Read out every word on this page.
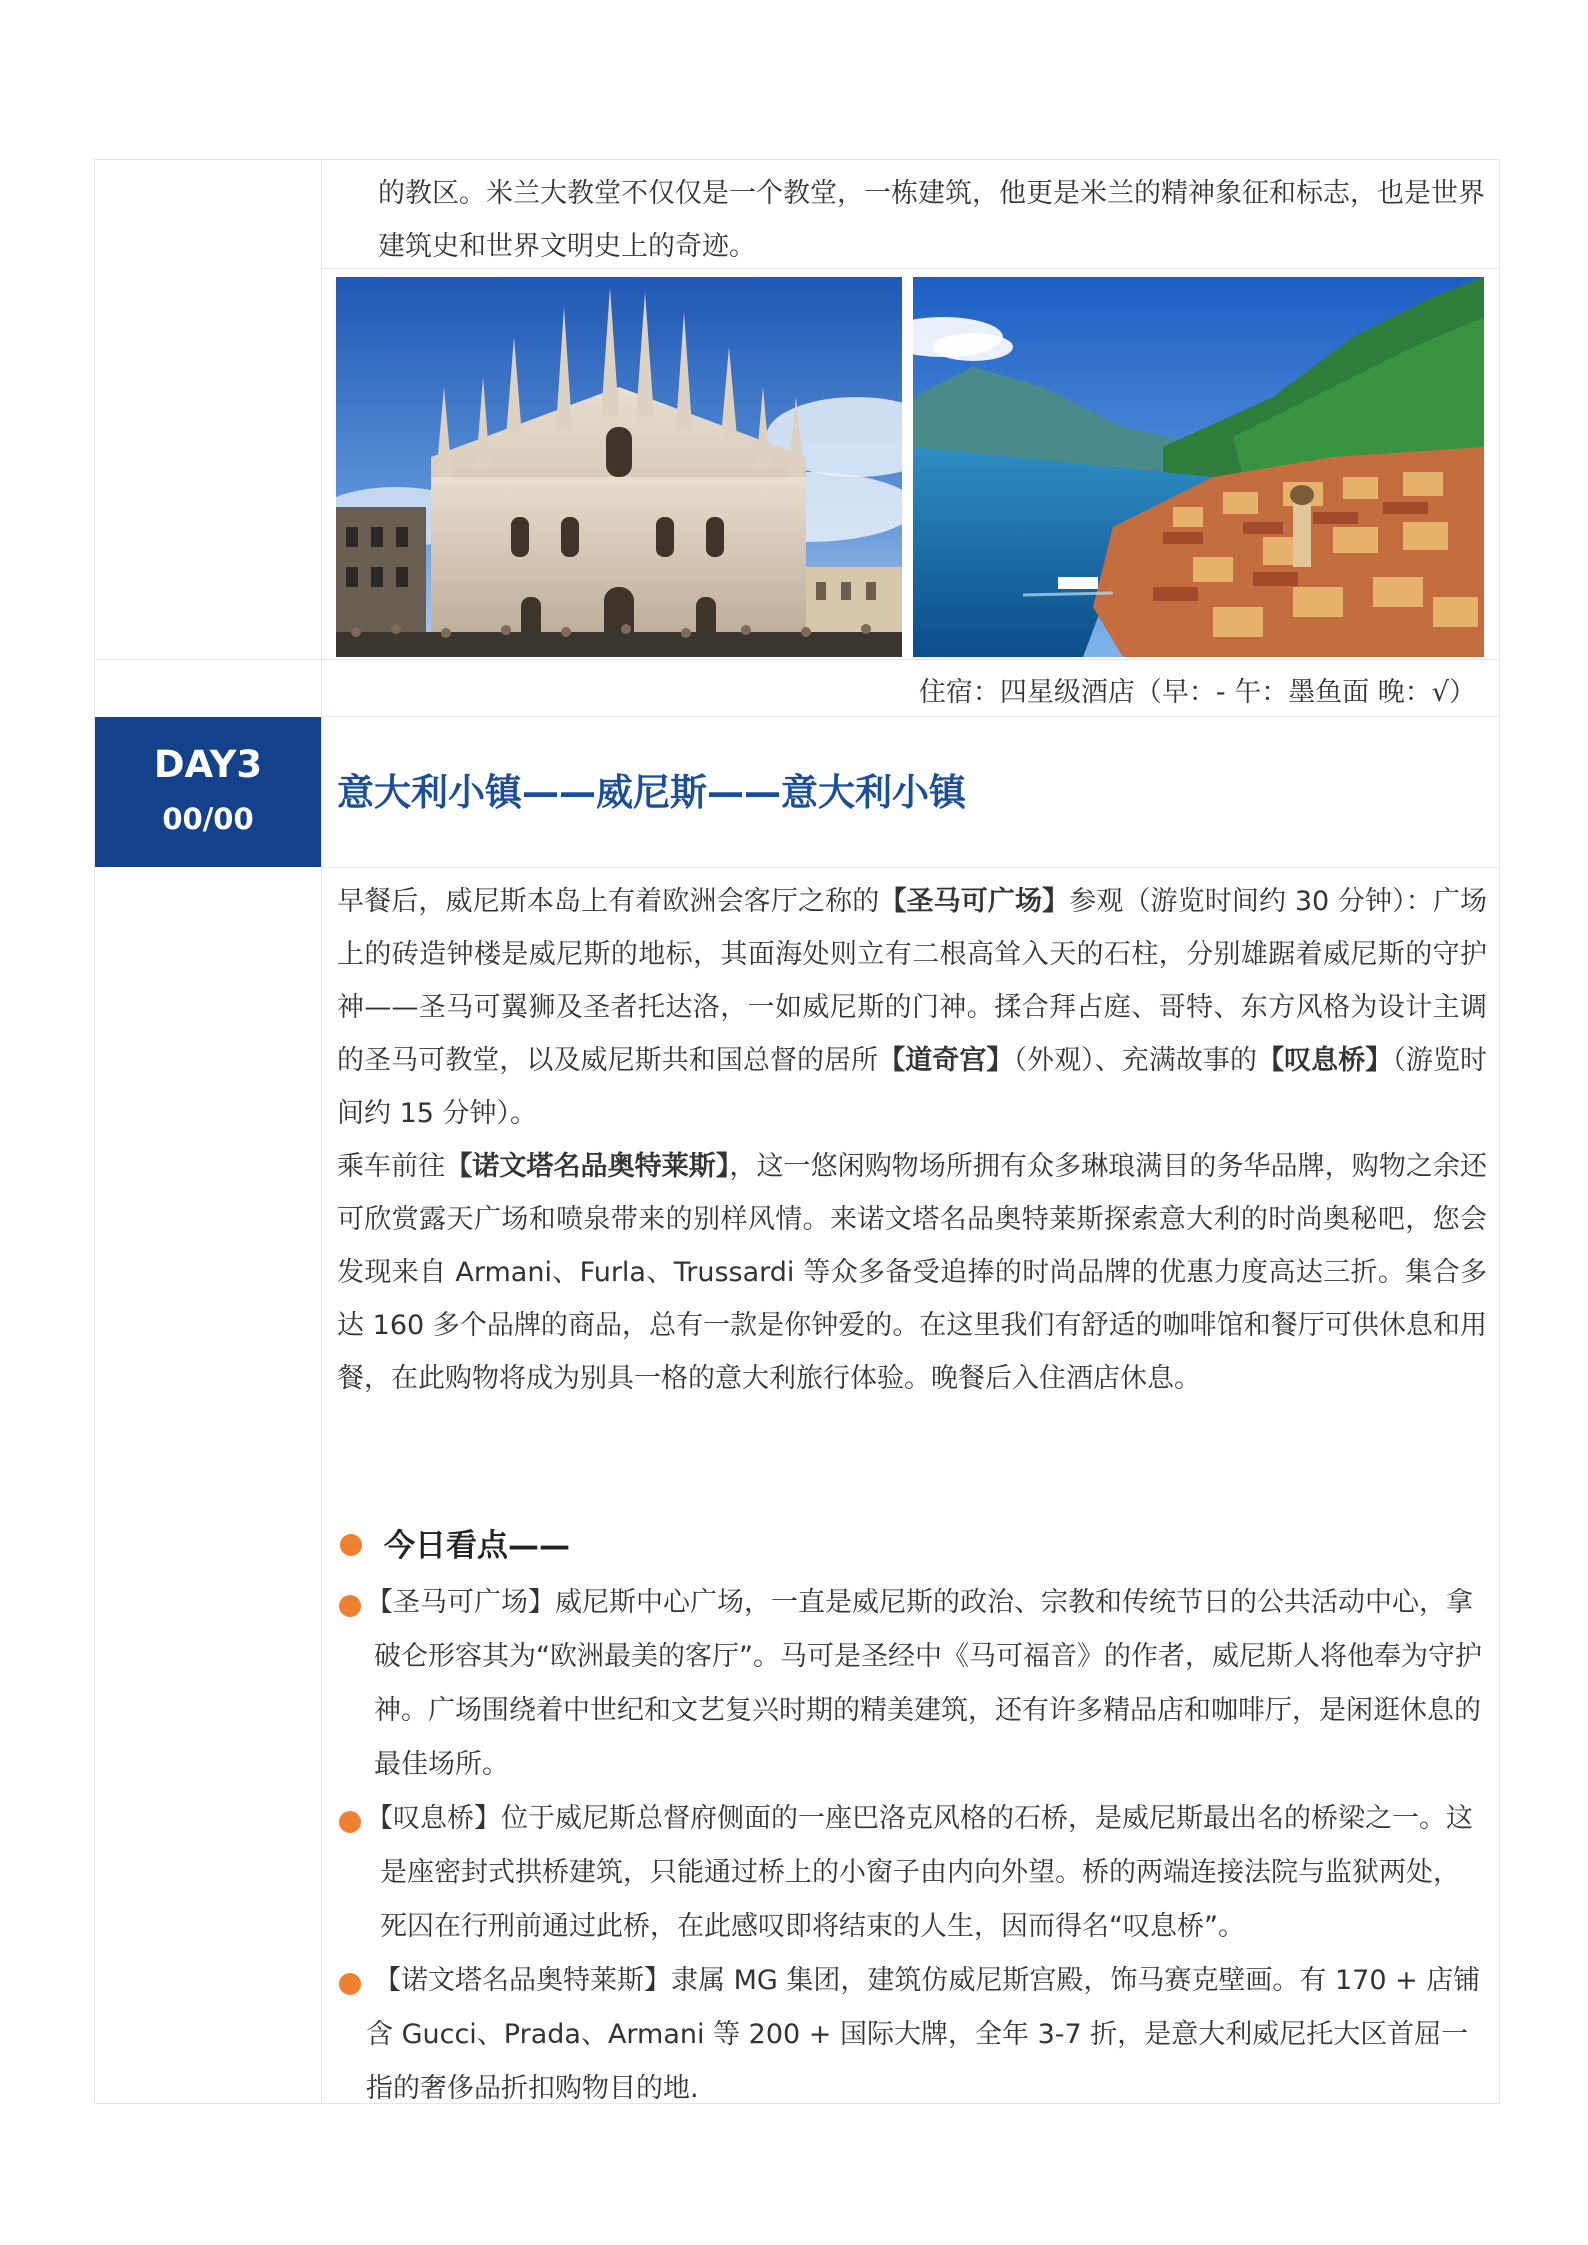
的教区。米兰大教堂不仅仅是一个教堂，一栋建筑，他更是米兰的精神象征和标志，也是世界建筑史和世界文明史上的奇迹。

住宿：四星级酒店（早：- 午：墨鱼面 晚：√）
DAY3
00/00
意大利小镇——威尼斯——意大利小镇

早餐后，威尼斯本岛上有着欧洲会客厅之称的【圣马可广场】参观（游览时间约 30 分钟）：广场上的砖造钟楼是威尼斯的地标，其面海处则立有二根高耸入天的石柱，分别雄踞着威尼斯的守护神——圣马可翼狮及圣者托达洛，一如威尼斯的门神。揉合拜占庭、哥特、东方风格为设计主调的圣马可教堂，以及威尼斯共和国总督的居所【道奇宫】（外观）、充满故事的【叹息桥】（游览时间约 15 分钟）。

乘车前往【诺文塔名品奥特莱斯】，这一悠闲购物场所拥有众多琳琅满目的务华品牌，购物之余还可欣赏露天广场和喷泉带来的别样风情。来诺文塔名品奥特莱斯探索意大利的时尚奥秘吧，您会发现来自 Armani、Furla、Trussardi 等众多备受追捧的时尚品牌的优惠力度高达三折。集合多达 160 多个品牌的商品，总有一款是你钟爱的。在这里我们有舒适的咖啡馆和餐厅可供休息和用餐，在此购物将成为别具一格的意大利旅行体验。晚餐后入住酒店休息。

今日看点——
【圣马可广场】威尼斯中心广场，一直是威尼斯的政治、宗教和传统节日的公共活动中心，拿破仑形容其为“欧洲最美的客厅”。马可是圣经中《马可福音》的作者，威尼斯人将他奉为守护神。广场围绕着中世纪和文艺复兴时期的精美建筑，还有许多精品店和咖啡厅，是闲逛休息的最佳场所。
【叹息桥】位于威尼斯总督府侧面的一座巴洛克风格的石桥，是威尼斯最出名的桥梁之一。这是座密封式拱桥建筑，只能通过桥上的小窗子由内向外望。桥的两端连接法院与监狱两处，死囚在行刑前通过此桥，在此感叹即将结束的人生，因而得名“叹息桥”。
【诺文塔名品奥特莱斯】隶属 MG 集团，建筑仿威尼斯宫殿，饰马赛克壁画。有 170 + 店铺含 Gucci、Prada、Armani 等 200 + 国际大牌，全年 3-7 折，是意大利威尼托大区首屈一指的奢侈品折扣购物目的地.
